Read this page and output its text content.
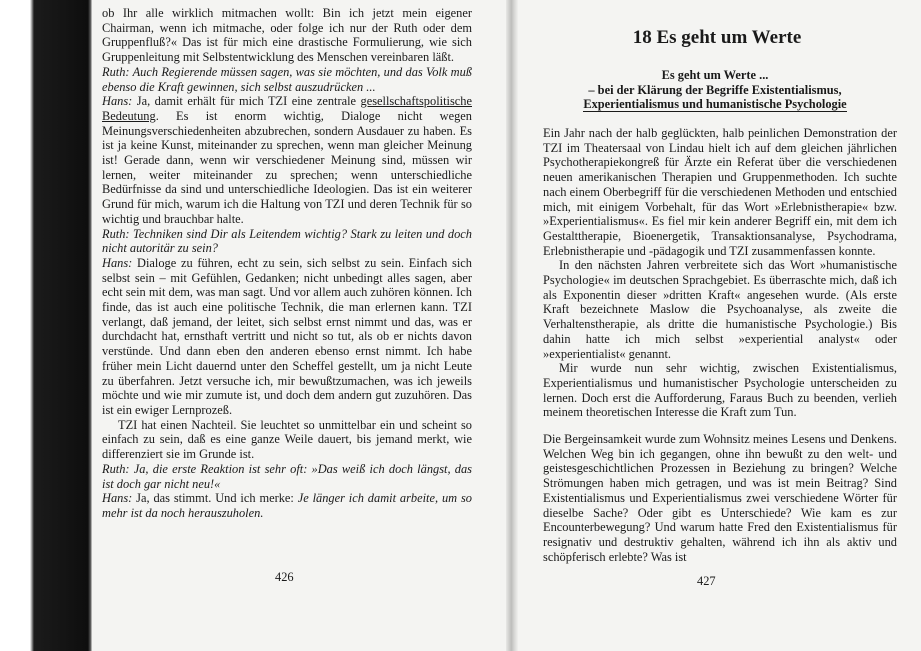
ob Ihr alle wirklich mitmachen wollt: Bin ich jetzt mein eigener Chairman, wenn ich mitmache, oder folge ich nur der Ruth oder dem Gruppenfluß?« Das ist für mich eine drastische Formulierung, wie sich Gruppenleitung mit Selbstentwicklung des Menschen vereinbaren läßt.

Ruth: Auch Regierende müssen sagen, was sie möchten, und das Volk muß ebenso die Kraft gewinnen, sich selbst auszudrücken ...

Hans: Ja, damit erhält für mich TZI eine zentrale gesellschaftspolitische Bedeutung. Es ist enorm wichtig, Dialoge nicht wegen Meinungsverschiedenheiten abzubrechen, sondern Ausdauer zu haben. Es ist ja keine Kunst, miteinander zu sprechen, wenn man gleicher Meinung ist! Gerade dann, wenn wir verschiedener Meinung sind, müssen wir lernen, weiter miteinander zu sprechen; wenn unterschiedliche Bedürfnisse da sind und unterschiedliche Ideologien. Das ist ein weiterer Grund für mich, warum ich die Haltung von TZI und deren Technik für so wichtig und brauchbar halte.

Ruth: Techniken sind Dir als Leitendem wichtig? Stark zu leiten und doch nicht autoritär zu sein?

Hans: Dialoge zu führen, echt zu sein, sich selbst zu sein. Einfach sich selbst sein – mit Gefühlen, Gedanken; nicht unbedingt alles sagen, aber echt sein mit dem, was man sagt. Und vor allem auch zuhören können. Ich finde, das ist auch eine politische Technik, die man erlernen kann. TZI verlangt, daß jemand, der leitet, sich selbst ernst nimmt und das, was er durchdacht hat, ernsthaft vertritt und nicht so tut, als ob er nichts davon verstünde. Und dann eben den anderen ebenso ernst nimmt. Ich habe früher mein Licht dauernd unter den Scheffel gestellt, um ja nicht Leute zu überfahren. Jetzt versuche ich, mir bewußtzumachen, was ich jeweils möchte und wie mir zumute ist, und doch dem andern gut zuzuhören. Das ist ein ewiger Lernprozeß.

TZI hat einen Nachteil. Sie leuchtet so unmittelbar ein und scheint so einfach zu sein, daß es eine ganze Weile dauert, bis jemand merkt, wie differenziert sie im Grunde ist.

Ruth: Ja, die erste Reaktion ist sehr oft: »Das weiß ich doch längst, das ist doch gar nicht neu!«

Hans: Ja, das stimmt. Und ich merke: Je länger ich damit arbeite, um so mehr ist da noch herauszuholen.

426
18 Es geht um Werte
Es geht um Werte ...
– bei der Klärung der Begriffe Existentialismus,
Experientialismus und humanistische Psychologie

Ein Jahr nach der halb geglückten, halb peinlichen Demonstration der TZI im Theatersaal von Lindau hielt ich auf dem gleichen jährlichen Psychotherapiekongreß für Ärzte ein Referat über die verschiedenen neuen amerikanischen Therapien und Gruppenmethoden. Ich suchte nach einem Oberbegriff für die verschiedenen Methoden und entschied mich, mit einigem Vorbehalt, für das Wort »Erlebnistherapie« bzw. »Experientialismus«. Es fiel mir kein anderer Begriff ein, mit dem ich Gestalttherapie, Bioenergetik, Transaktionsanalyse, Psychodrama, Erlebnistherapie und -pädagogik und TZI zusammenfassen konnte.

In den nächsten Jahren verbreitete sich das Wort »humanistische Psychologie« im deutschen Sprachgebiet. Es überraschte mich, daß ich als Exponentin dieser »dritten Kraft« angesehen wurde. (Als erste Kraft bezeichnete Maslow die Psychoanalyse, als zweite die Verhaltenstherapie, als dritte die humanistische Psychologie.) Bis dahin hatte ich mich selbst »experiential analyst« oder »experientialist« genannt.

Mir wurde nun sehr wichtig, zwischen Existentialismus, Experientialismus und humanistischer Psychologie unterscheiden zu lernen. Doch erst die Aufforderung, Faraus Buch zu beenden, verlieh meinem theoretischen Interesse die Kraft zum Tun.

Die Bergeinsamkeit wurde zum Wohnsitz meines Lesens und Denkens. Welchen Weg bin ich gegangen, ohne ihn bewußt zu den welt- und geistesgeschichtlichen Prozessen in Beziehung zu bringen? Welche Strömungen haben mich getragen, und was ist mein Beitrag? Sind Existentialismus und Experientialismus zwei verschiedene Wörter für dieselbe Sache? Oder gibt es Unterschiede? Wie kam es zur Encounterbewegung? Und warum hatte Fred den Existentialismus für resignativ und destruktiv gehalten, während ich ihn als aktiv und schöpferisch erlebte? Was ist

427
